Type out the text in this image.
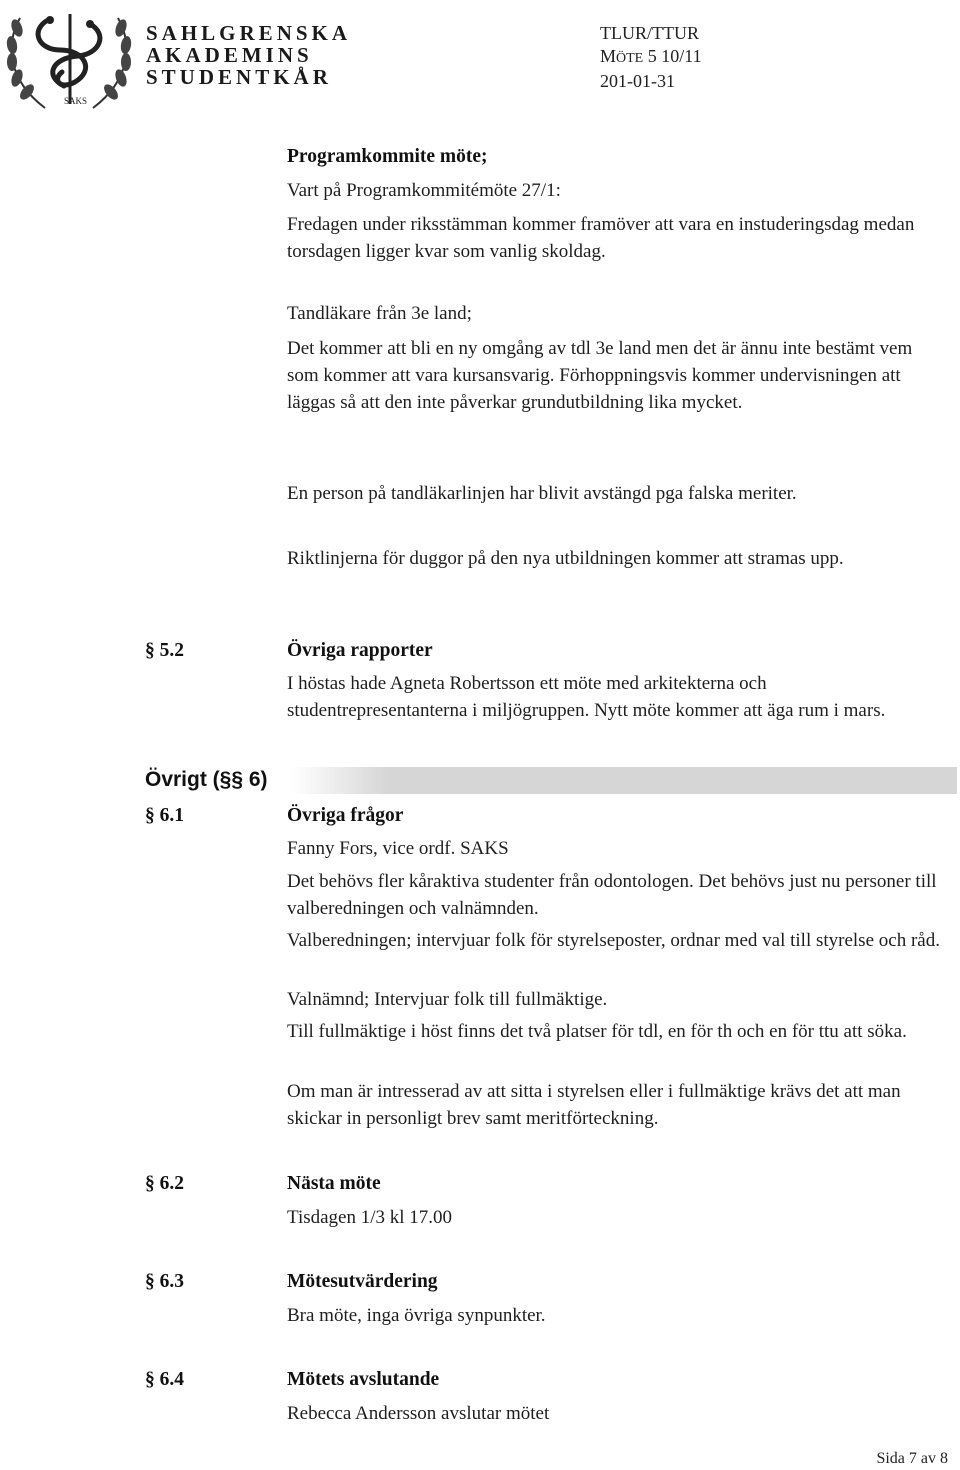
SAKS
SAHLGRENSKA
AKADEMINS
STUDENTKÅR
TLUR/TTUR
MÖTE 5 10/11
201-01-31
Programkommite möte;
Vart på Programkommitémöte 27/1:
Fredagen under riksstämman kommer framöver att vara en instuderingsdag medan torsdagen ligger kvar som vanlig skoldag.
Tandläkare från 3e land;
Det kommer att bli en ny omgång av tdl 3e land men det är ännu inte bestämt vem som kommer att vara kursansvarig. Förhoppningsvis kommer undervisningen att läggas så att den inte påverkar grundutbildning lika mycket.
En person på tandläkarlinjen har blivit avstängd pga falska meriter.
Riktlinjerna för duggor på den nya utbildningen kommer att stramas upp.
§ 5.2	Övriga rapporter
I höstas hade Agneta Robertsson ett möte med arkitekterna och studentrepresentanterna i miljögruppen. Nytt möte kommer att äga rum i mars.
Övrigt (§§ 6)
§ 6.1	Övriga frågor
Fanny Fors, vice ordf. SAKS
Det behövs fler kåraktiva studenter från odontologen. Det behövs just nu personer till valberedningen och valnämnden.
Valberedningen; intervjuar folk för styrelseposter, ordnar med val till styrelse och råd.
Valnämnd; Intervjuar folk till fullmäktige.
Till fullmäktige i höst finns det två platser för tdl, en för th och en för ttu att söka.
Om man är intresserad av att sitta i styrelsen eller i fullmäktige krävs det att man skickar in personligt brev samt meritförteckning.
§ 6.2	Nästa möte
Tisdagen 1/3 kl 17.00
§ 6.3	Mötesutvärdering
Bra möte, inga övriga synpunkter.
§ 6.4	Mötets avslutande
Rebecca Andersson avslutar mötet
Sida 7 av 8
